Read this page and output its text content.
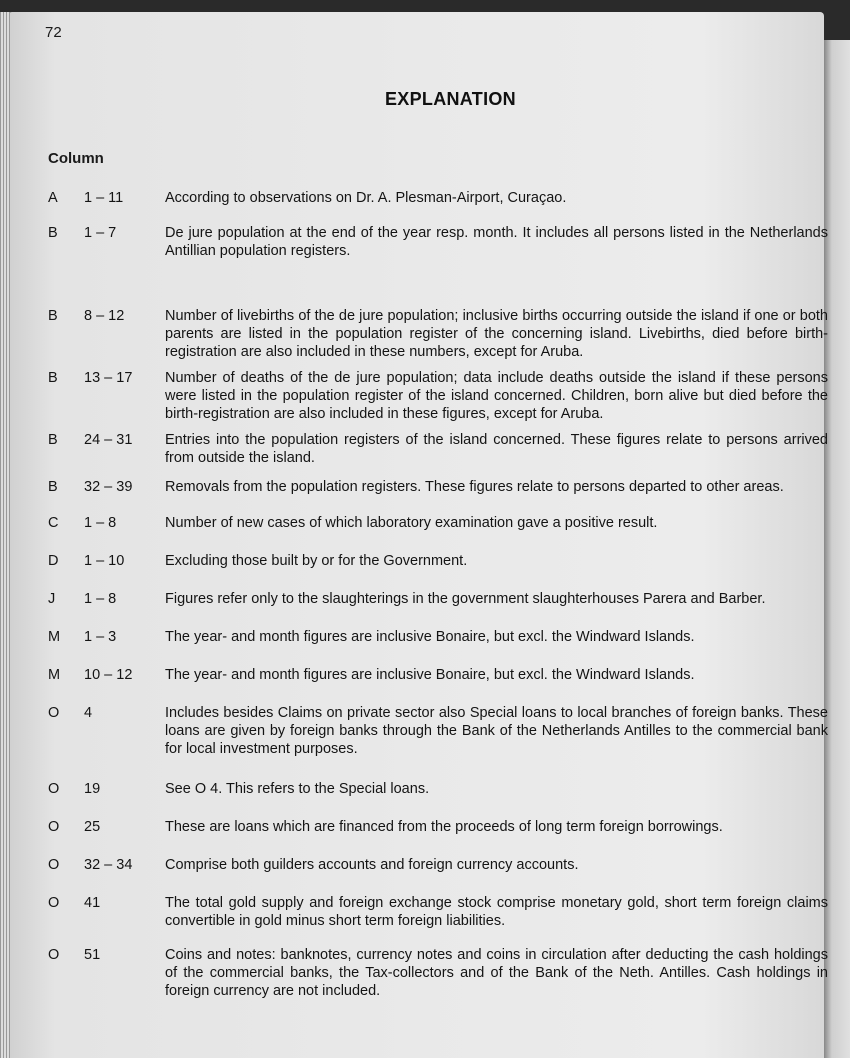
72
EXPLANATION
Column
A	1 – 11	According to observations on Dr. A. Plesman-Airport, Curaçao.
B	1 – 7	De jure population at the end of the year resp. month. It includes all persons listed in the Netherlands Antillian population registers.
B	8 – 12	Number of livebirths of the de jure population; inclusive births occurring outside the island if one or both parents are listed in the population register of the concerning island. Livebirths, died before birth-registration are also included in these numbers, except for Aruba.
B	13 – 17	Number of deaths of the de jure population; data include deaths outside the island if these persons were listed in the population register of the island concerned. Children, born alive but died before the birth-registration are also included in these figures, except for Aruba.
B	24 – 31	Entries into the population registers of the island concerned. These figures relate to persons arrived from outside the island.
B	32 – 39	Removals from the population registers. These figures relate to persons departed to other areas.
C	1 – 8	Number of new cases of which laboratory examination gave a positive result.
D	1 – 10	Excluding those built by or for the Government.
J	1 – 8	Figures refer only to the slaughterings in the government slaughterhouses Parera and Barber.
M	1 – 3	The year- and month figures are inclusive Bonaire, but excl. the Windward Islands.
M	10 – 12	The year- and month figures are inclusive Bonaire, but excl. the Windward Islands.
O	4	Includes besides Claims on private sector also Special loans to local branches of foreign banks. These loans are given by foreign banks through the Bank of the Netherlands Antilles to the commercial bank for local investment purposes.
O	19	See O 4. This refers to the Special loans.
O	25	These are loans which are financed from the proceeds of long term foreign borrowings.
O	32 – 34	Comprise both guilders accounts and foreign currency accounts.
O	41	The total gold supply and foreign exchange stock comprise monetary gold, short term foreign claims convertible in gold minus short term foreign liabilities.
O	51	Coins and notes: banknotes, currency notes and coins in circulation after deducting the cash holdings of the commercial banks, the Tax-collectors and of the Bank of the Neth. Antilles. Cash holdings in foreign currency are not included.
